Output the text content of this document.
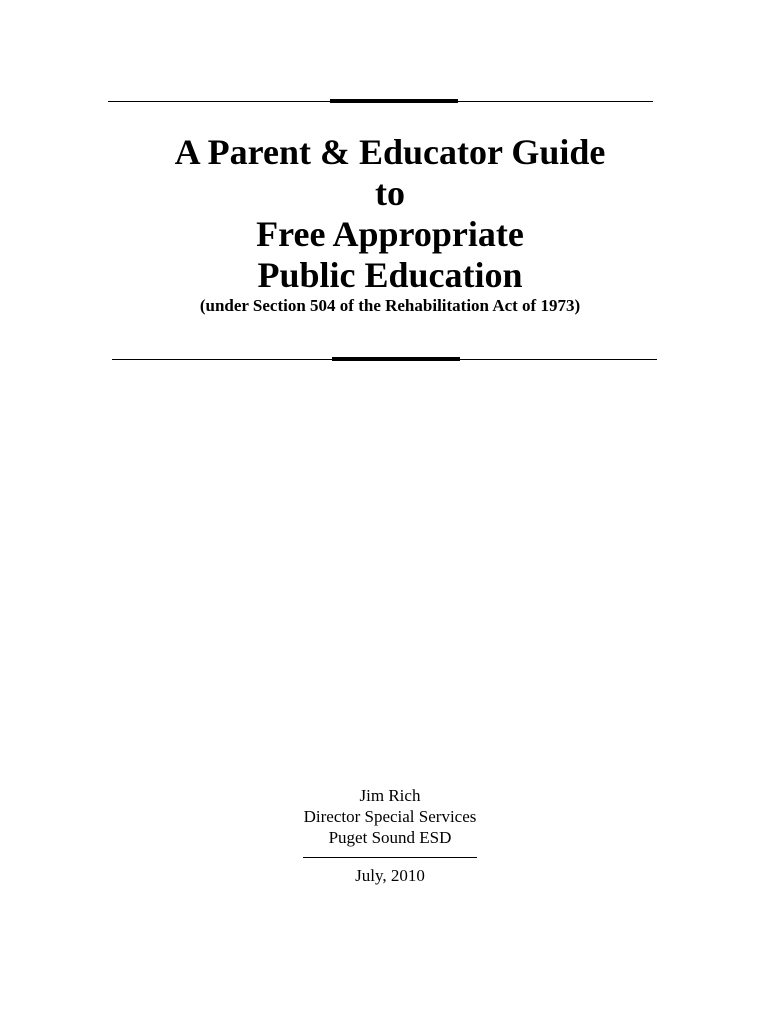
A Parent & Educator Guide
to
Free Appropriate
Public Education
(under Section 504 of the Rehabilitation Act of 1973)
Jim Rich
Director Special Services
Puget Sound ESD
July, 2010
